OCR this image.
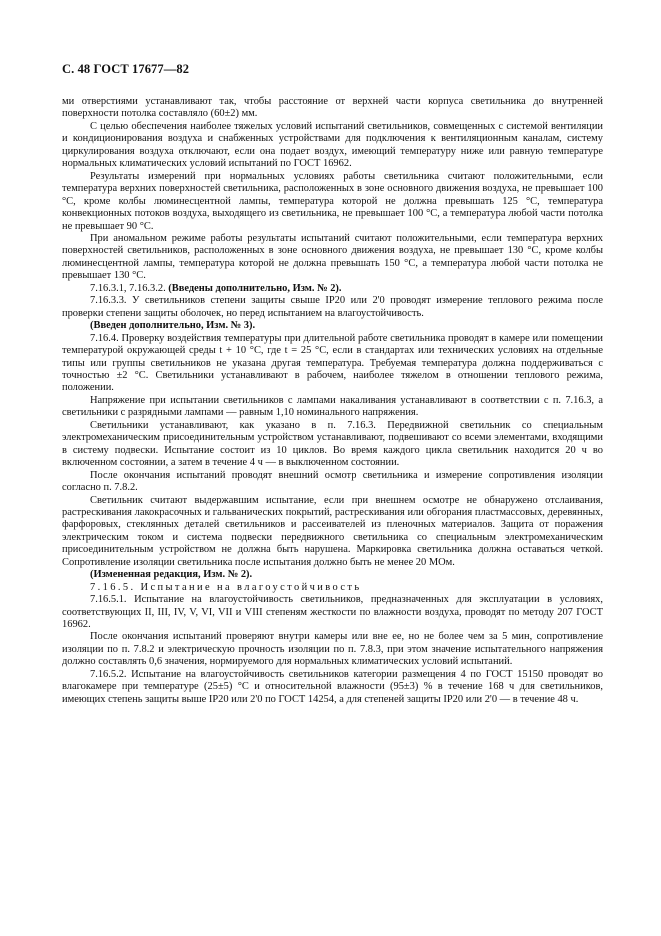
С. 48 ГОСТ 17677—82

ми отверстиями устанавливают так, чтобы расстояние от верхней части корпуса светильника до внутренней поверхности потолка составляло (60±2) мм.

С целью обеспечения наиболее тяжелых условий испытаний светильников, совмещенных с системой вентиляции и кондиционирования воздуха и снабженных устройствами для подключения к вентиляционным каналам, систему циркулирования воздуха отключают, если она подает воздух, имеющий температуру ниже или равную температуре нормальных климатических условий испытаний по ГОСТ 16962.

Результаты измерений при нормальных условиях работы светильника считают положительными, если температура верхних поверхностей светильника, расположенных в зоне основного движения воздуха, не превышает 100 °С, кроме колбы люминесцентной лампы, температура которой не должна превышать 125 °С, температура конвекционных потоков воздуха, выходящего из светильника, не превышает 100 °С, а температура любой части потолка не превышает 90 °С.

При аномальном режиме работы результаты испытаний считают положительными, если температура верхних поверхностей светильников, расположенных в зоне основного движения воздуха, не превышает 130 °С, кроме колбы люминесцентной лампы, температура которой не должна превышать 150 °С, а температура любой части потолка не превышает 130 °С.

7.16.3.1, 7.16.3.2. (Введены дополнительно, Изм. № 2).

7.16.3.3. У светильников степени защиты свыше IP20 или 2'0 проводят измерение теплового режима после проверки степени защиты оболочек, но перед испытанием на влагоустойчивость.

(Введен дополнительно, Изм. № 3).

7.16.4. Проверку воздействия температуры при длительной работе светильника проводят в камере или помещении температурой окружающей среды t + 10 °С, где t = 25 °С, если в стандартах или технических условиях на отдельные типы или группы светильников не указана другая температура. Требуемая температура должна поддерживаться с точностью ±2 °С. Светильники устанавливают в рабочем, наиболее тяжелом в отношении теплового режима, положении.

Напряжение при испытании светильников с лампами накаливания устанавливают в соответствии с п. 7.16.3, а светильники с разрядными лампами — равным 1,10 номинального напряжения.

Светильники устанавливают, как указано в п. 7.16.3. Передвижной светильник со специальным электромеханическим присоединительным устройством устанавливают, подвешивают со всеми элементами, входящими в систему подвески. Испытание состоит из 10 циклов. Во время каждого цикла светильник находится 20 ч во включенном состоянии, а затем в течение 4 ч — в выключенном состоянии.

После окончания испытаний проводят внешний осмотр светильника и измерение сопротивления изоляции согласно п. 7.8.2.

Светильник считают выдержавшим испытание, если при внешнем осмотре не обнаружено отслаивания, растрескивания лакокрасочных и гальванических покрытий, растрескивания или обгорания пластмассовых, деревянных, фарфоровых, стеклянных деталей светильников и рассеивателей из пленочных материалов. Защита от поражения электрическим током и система подвески передвижного светильника со специальным электромеханическим присоединительным устройством не должна быть нарушена. Маркировка светильника должна оставаться четкой. Сопротивление изоляции светильника после испытания должно быть не менее 20 МОм.

(Измененная редакция, Изм. № 2).

7.16.5. Испытание на влагоустойчивость

7.16.5.1. Испытание на влагоустойчивость светильников, предназначенных для эксплуатации в условиях, соответствующих II, III, IV, V, VI, VII и VIII степеням жесткости по влажности воздуха, проводят по методу 207 ГОСТ 16962.

После окончания испытаний проверяют внутри камеры или вне ее, но не более чем за 5 мин, сопротивление изоляции по п. 7.8.2 и электрическую прочность изоляции по п. 7.8.3, при этом значение испытательного напряжения должно составлять 0,6 значения, нормируемого для нормальных климатических условий испытаний.

7.16.5.2. Испытание на влагоустойчивость светильников категории размещения 4 по ГОСТ 15150 проводят во влагокамере при температуре (25±5) °С и относительной влажности (95±3) % в течение 168 ч для светильников, имеющих степень защиты выше IP20 или 2'0 по ГОСТ 14254, а для степеней защиты IP20 или 2'0 — в течение 48 ч.
